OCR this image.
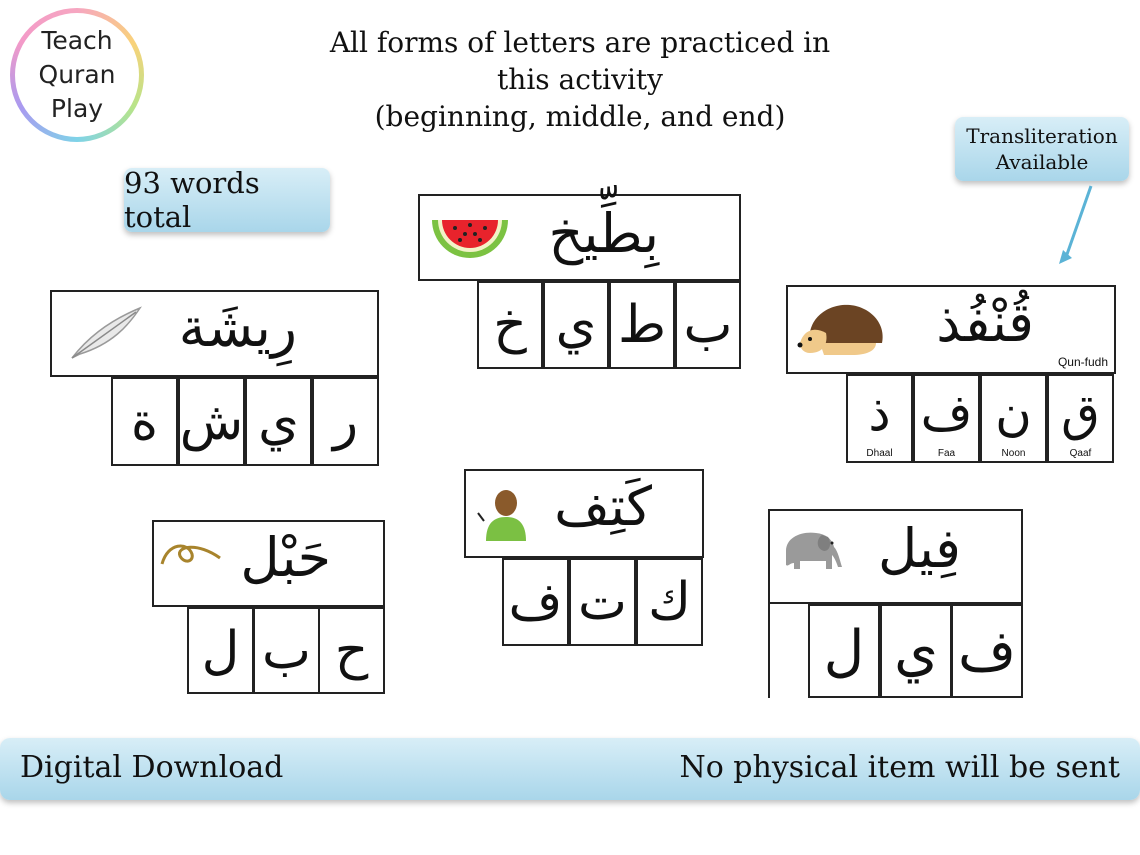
Teach
Quran
Play
All forms of letters are practiced in
this activity
(beginning, middle, and end)
93 words total
Transliteration
Available
بِطِّيخ
ب
ط
ي
خ
رِيشَة
ر
ي
ش
ة
قُنْفُذ
Qun-fudh
ق
Qaaf
ن
Noon
ف
Faa
ذ
Dhaal
حَبْل
ح
ب
ل
كَتِف
ك
ت
ف
فِيل
ف
ي
ل
Digital Download	No physical item will be sent
